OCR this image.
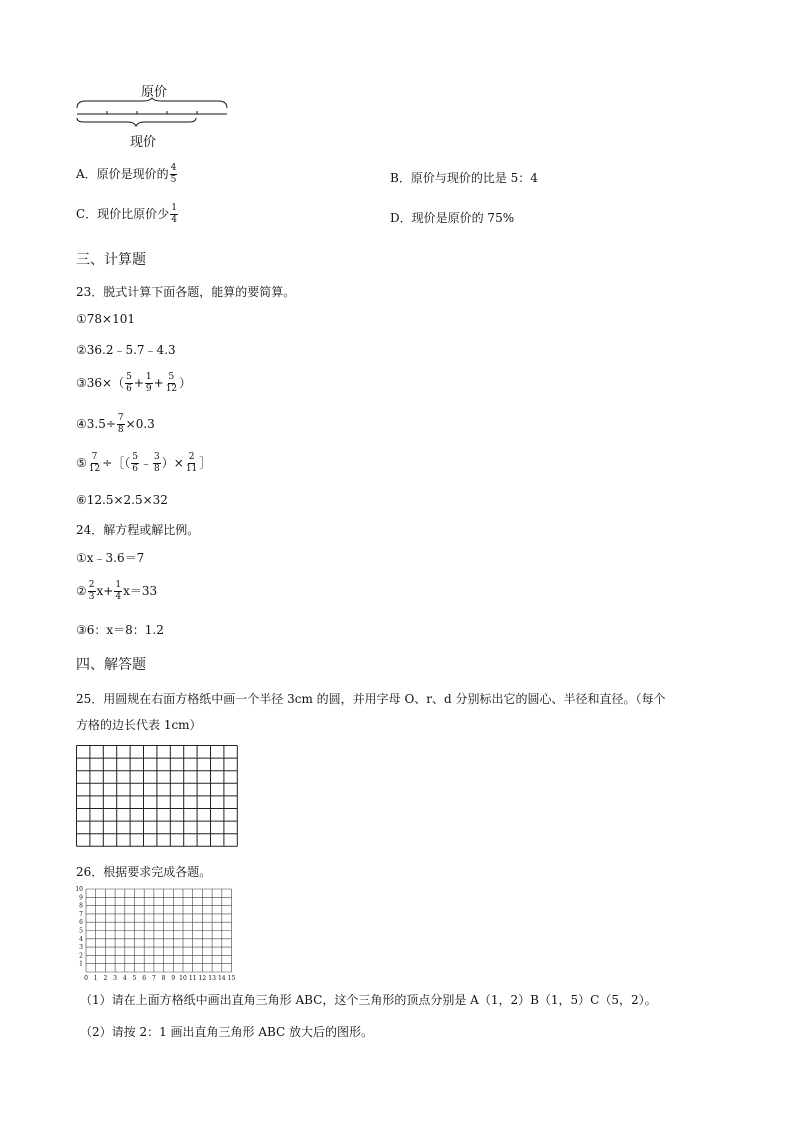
原价
现价
A．原价是现价的 $\frac{4}{5}$	B．原价与现价的比是 5：4
C．现价比原价少 $\frac{1}{4}$	D．现价是原价的 75%
三、计算题
23．脱式计算下面各题，能算的要简算。
①78×101
②36.2﹣5.7﹣4.3
③36×（ $\frac{5}{6} + \frac{1}{9} + \frac{5}{12}$ ）
④3.5÷ $\frac{7}{8} \times 0.3$
⑤ $\frac{7}{12}$ ÷［（ $\frac{5}{6}$ ﹣ $\frac{3}{8}$ ）× $\frac{2}{11}$ ］
⑥12.5×2.5×32
24．解方程或解比例。
①x﹣3.6＝7
② $\frac{2}{3} x+ \frac{1}{4} x=33$
③6：x＝8：1.2
四、解答题
25．用圆规在右面方格纸中画一个半径 3cm 的圆，并用字母 O、r、d 分别标出它的圆心、半径和直径。（每个
方格的边长代表 1cm）
26．根据要求完成各题。
0 1 2 3 4 5 6 7 8 9 10 11 12 13 14 15
10
9
8
7
6
5
4
3
2
1
（1）请在上面方格纸中画出直角三角形 ABC，这个三角形的顶点分别是 A（1，2）B（1，5）C（5，2）。
（2）请按 2：1 画出直角三角形 ABC 放大后的图形。
